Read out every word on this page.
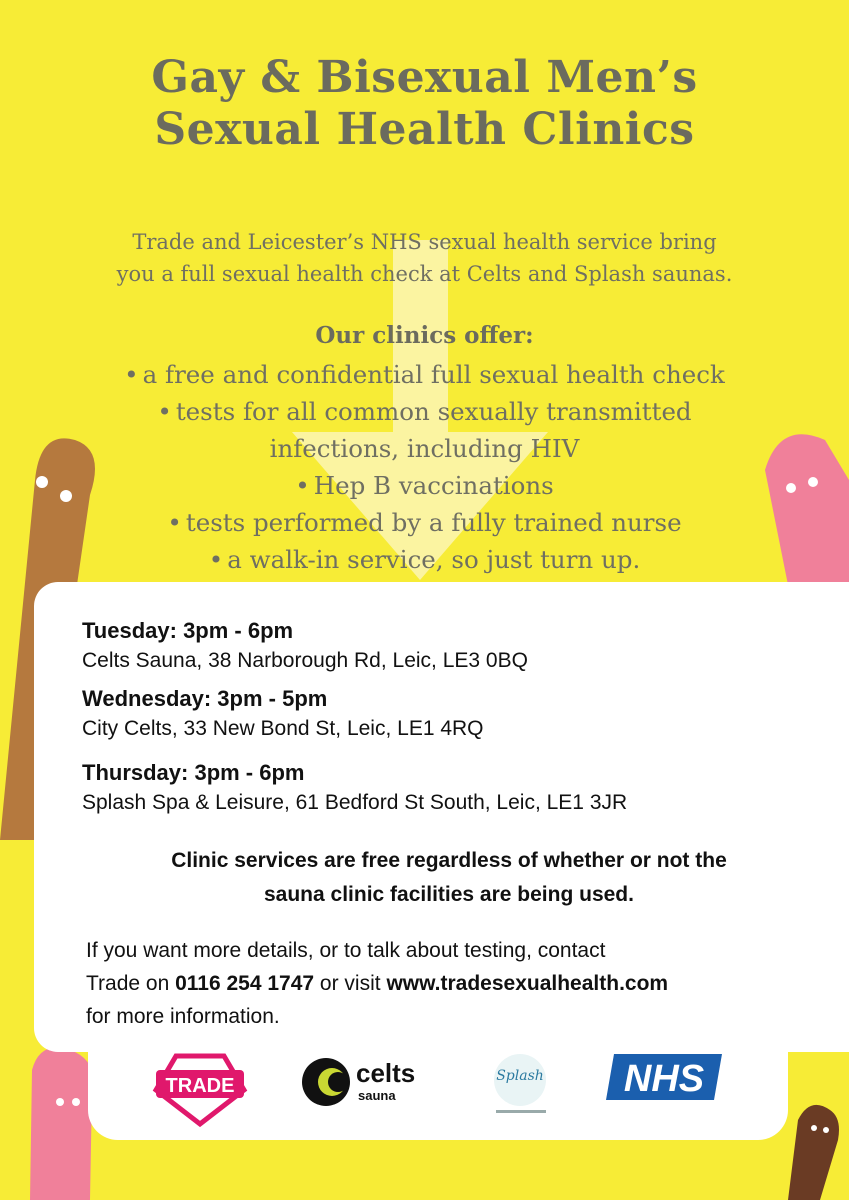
Gay & Bisexual Men’s
Sexual Health Clinics
Trade and Leicester’s NHS sexual health service bring
you a full sexual health check at Celts and Splash saunas.
Our clinics offer:
• a free and confidential full sexual health check
• tests for all common sexually transmitted
infections, including HIV
• Hep B vaccinations
• tests performed by a fully trained nurse
• a walk-in service, so just turn up.
Tuesday: 3pm - 6pm
Celts Sauna, 38 Narborough Rd, Leic, LE3 0BQ
Wednesday: 3pm - 5pm
City Celts, 33 New Bond St, Leic, LE1 4RQ
Thursday: 3pm - 6pm
Splash Spa & Leisure, 61 Bedford St South, Leic, LE1 3JR
Clinic services are free regardless of whether or not the
sauna clinic facilities are being used.
If you want more details, or to talk about testing, contact
Trade on 0116 254 1747 or visit www.tradesexualhealth.com
for more information.
TRADE	celts
sauna
Splash NHS
